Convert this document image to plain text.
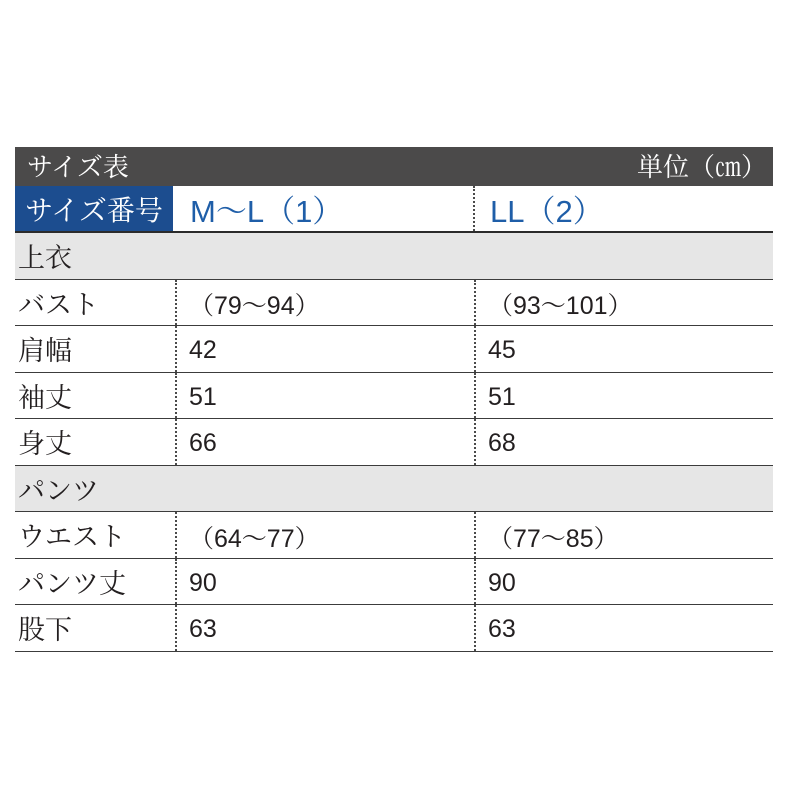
サイズ表	単位（㎝）
サイズ番号 M〜L（1）	LL（2）
上衣
バスト	（79〜94）	（93〜101）
肩幅	42	45
袖丈	51	51
身丈	66	68
パンツ
ウエスト	（64〜77）	（77〜85）
パンツ丈	90	90
股下	63	63
